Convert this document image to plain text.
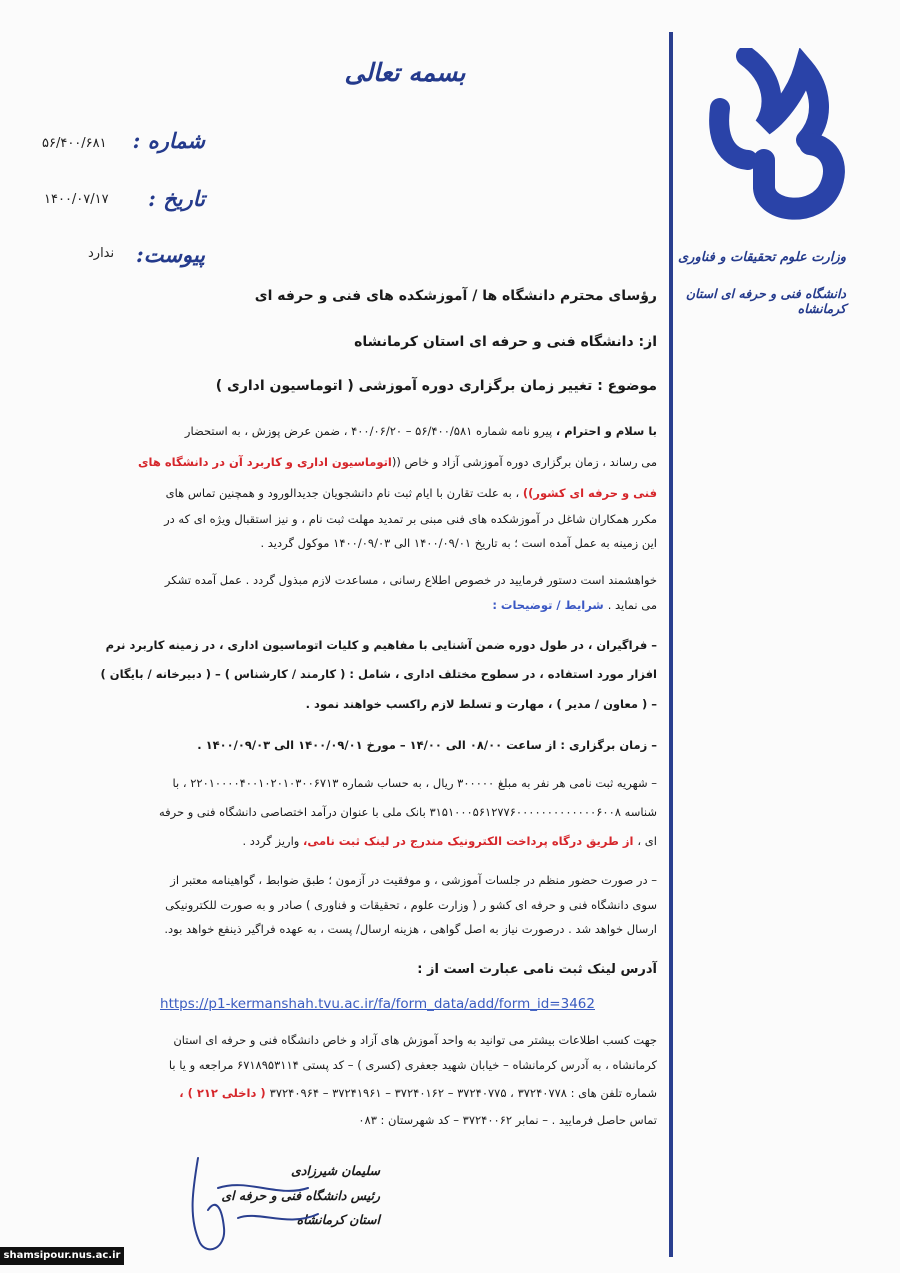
وزارت علوم تحقیقات و فناوری
دانشگاه فنی و حرفه ای استان کرمانشاه
بسمه تعالی
شماره :
۵۶/۴۰۰/۶۸۱
تاریخ :
۱۴۰۰/۰۷/۱۷
پیوست:
ندارد
رؤسای محترم دانشگاه ها / آموزشکده های فنی و حرفه ای
از: دانشگاه فنی و حرفه ای استان کرمانشاه
موضوع : تغییر زمان برگزاری دوره آموزشی ( اتوماسیون اداری )
با سلام و احترام ، پیرو نامه شماره ۵۶/۴۰۰/۵۸۱ – ۴۰۰/۰۶/۲۰ ، ضمن عرض پوزش ، به استحضار
می رساند ، زمان برگزاری دوره آموزشی آزاد و خاص ((اتوماسیون اداری و کاربرد آن در دانشگاه های
فنی و حرفه ای کشور)) ، به علت تقارن با ایام ثبت نام دانشجویان جدیدالورود و همچنین تماس های
مکرر همکاران شاغل در آموزشکده های فنی مبنی بر تمدید مهلت ثبت نام ، و نیز استقبال ویژه ای که در
این زمینه به عمل آمده است ؛ به تاریخ ۱۴۰۰/۰۹/۰۱ الی ۱۴۰۰/۰۹/۰۳ موکول گردید .
خواهشمند است دستور فرمایید در خصوص اطلاع رسانی ، مساعدت لازم مبذول گردد . عمل آمده تشکر
می نماید . شرایط / توضیحات :
– فراگیران ، در طول دوره ضمن آشنایی با مفاهیم و کلیات اتوماسیون اداری ، در زمینه کاربرد نرم
افزار مورد استفاده ، در سطوح مختلف اداری ، شامل : ( کارمند / کارشناس ) – ( دبیرخانه / بایگان )
– ( معاون / مدیر ) ، مهارت و تسلط لازم راکسب خواهند نمود .
– زمان برگزاری : از ساعت ۰۸/۰۰ الی ۱۴/۰۰ – مورخ ۱۴۰۰/۰۹/۰۱ الی ۱۴۰۰/۰۹/۰۳ .
– شهریه ثبت نامی هر نفر به مبلغ ۳۰۰۰۰۰ ریال ، به حساب شماره ۲۲۰۱۰۰۰۰۴۰۰۱۰۲۰۱۰۳۰۰۶۷۱۳ ، با
شناسه ۳۱۵۱۰۰۰۵۶۱۲۷۷۶۰۰۰۰۰۰۰۰۰۰۰۰۰۶۰۰۸ بانک ملی با عنوان درآمد اختصاصی دانشگاه فنی و حرفه
ای ، از طریق درگاه پرداخت الکترونیک مندرج در لینک ثبت نامی، واریز گردد .
– در صورت حضور منظم در جلسات آموزشی ، و موفقیت در آزمون ؛ طبق ضوابط ، گواهینامه معتبر از
سوی دانشگاه فنی و حرفه ای کشو ر ( وزارت علوم ، تحقیقات و فناوری ) صادر و به صورت للکترونیکی
ارسال خواهد شد . درصورت نیاز به اصل گواهی ، هزینه ارسال/ پست ، به عهده فراگیر ذینفع خواهد بود.
آدرس لینک ثبت نامی عبارت است از :
https://p1-kermanshah.tvu.ac.ir/fa/form_data/add/form_id=3462
جهت کسب اطلاعات بیشتر می توانید به واحد آموزش های آزاد و خاص دانشگاه فنی و حرفه ای استان
کرمانشاه ، به آدرس کرمانشاه – خیابان شهید جعفری (کسری ) – کد پستی ۶۷۱۸۹۵۳۱۱۴ مراجعه و یا با
شماره تلفن های : ۳۷۲۴۰۷۷۸ ، ۳۷۲۴۰۷۷۵ – ۳۷۲۴۰۱۶۲ – ۳۷۲۴۱۹۶۱ – ۳۷۲۴۰۹۶۴ ( داخلی ۲۱۲ ) ،
تماس حاصل فرمایید . – نمابر ۳۷۲۴۰۰۶۲ – کد شهرستان : ۰۸۳
سلیمان شیرزادی
رئیس دانشگاه فنی و حرفه ای
استان کرمانشاه
shamsipour.nus.ac.ir
